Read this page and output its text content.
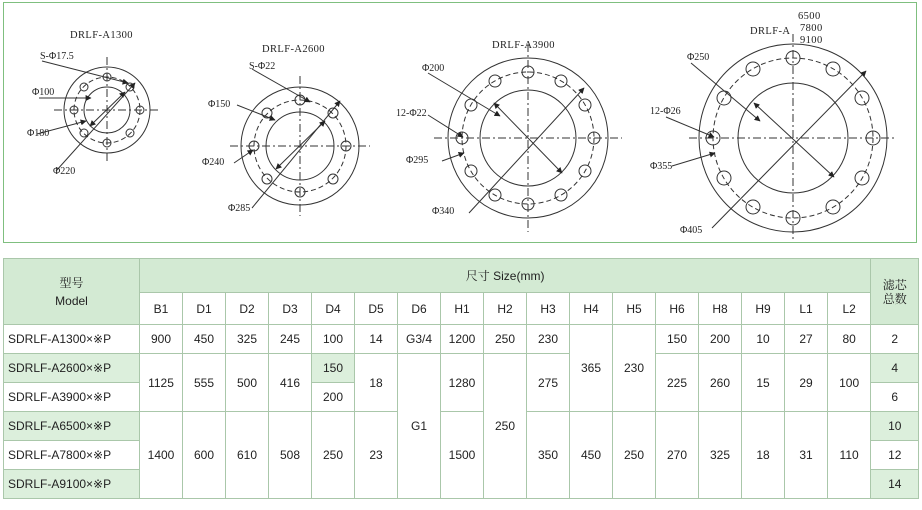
DRLF-A1300
S-Φ17.5
Φ100
Φ180
Φ220
DRLF-A2600
S-Φ22
Φ150
Φ240
Φ285
DRLF-A3900
Φ200
12-Φ22
Φ295
Φ340
DRLF-A
6500
7800
9100
Φ250
12-Φ26
Φ355
Φ405
型号
Model	尺寸 Size(mm)																	滤芯
总数
	B1	D1	D2	D3	D4	D5	D6	H1	H2	H3	H4	H5	H6	H8	H9	L1	L2	
SDRLF-A1300×※P	900	450	325	245	100	14	G3/4	1200	250	230	365	230	150	200	10	27	80	2
SDRLF-A2600×※P	1125	555	500	416	150	18	G1	1280	250	275			225	260	15	29	100	4
SDRLF-A3900×※P					200													6
SDRLF-A6500×※P	1400	600	610	508	250	23		1500		350	450	250	270	325	18	31	110	10
SDRLF-A7800×※P																		12
SDRLF-A9100×※P																		14
